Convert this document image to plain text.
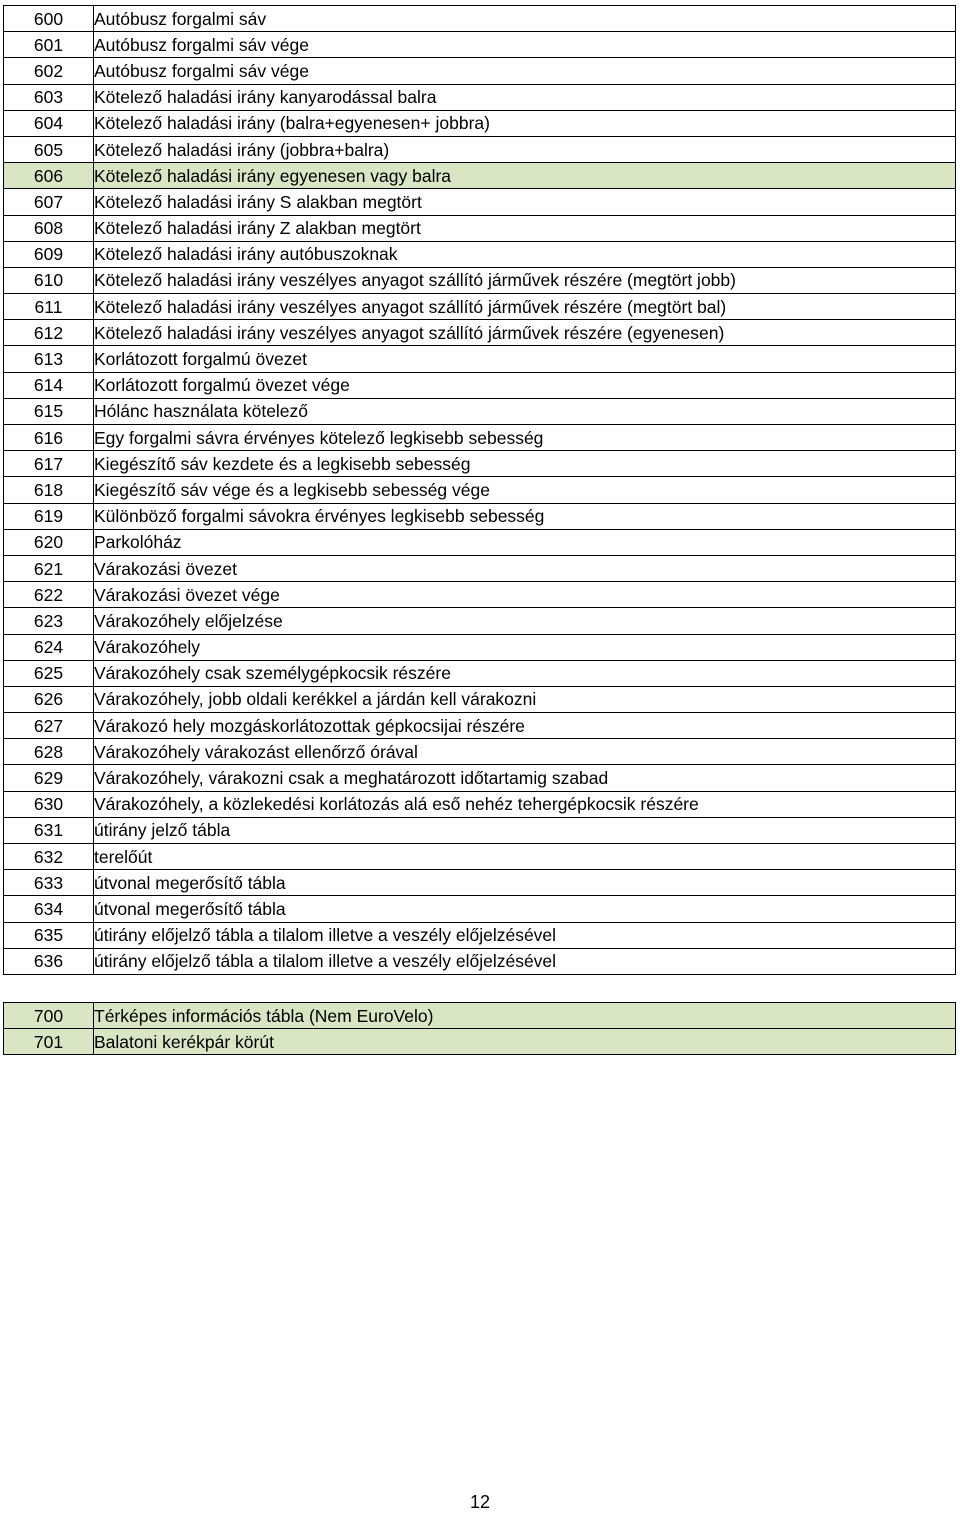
600	Autóbusz forgalmi sáv
601	Autóbusz forgalmi sáv vége
602	Autóbusz forgalmi sáv vége
603	Kötelező haladási irány kanyarodással balra
604	Kötelező haladási irány (balra+egyenesen+ jobbra)
605	Kötelező haladási irány (jobbra+balra)
606	Kötelező haladási irány egyenesen vagy balra
607	Kötelező haladási irány S alakban megtört
608	Kötelező haladási irány Z alakban megtört
609	Kötelező haladási irány autóbuszoknak
610	Kötelező haladási irány veszélyes anyagot szállító járművek részére (megtört jobb)
611	Kötelező haladási irány veszélyes anyagot szállító járművek részére (megtört bal)
612	Kötelező haladási irány veszélyes anyagot szállító járművek részére (egyenesen)
613	Korlátozott forgalmú övezet
614	Korlátozott forgalmú övezet vége
615	Hólánc használata kötelező
616	Egy forgalmi sávra érvényes kötelező legkisebb sebesség
617	Kiegészítő sáv kezdete és a legkisebb sebesség
618	Kiegészítő sáv vége és a legkisebb sebesség vége
619	Különböző forgalmi sávokra érvényes legkisebb sebesség
620	Parkolóház
621	Várakozási övezet
622	Várakozási övezet vége
623	Várakozóhely előjelzése
624	Várakozóhely
625	Várakozóhely csak személygépkocsik részére
626	Várakozóhely, jobb oldali kerékkel a járdán kell várakozni
627	Várakozó hely mozgáskorlátozottak gépkocsijai részére
628	Várakozóhely várakozást ellenőrző órával
629	Várakozóhely, várakozni csak a meghatározott időtartamig szabad
630	Várakozóhely, a közlekedési korlátozás alá eső nehéz tehergépkocsik részére
631	útirány jelző tábla
632	terelőút
633	útvonal megerősítő tábla
634	útvonal megerősítő tábla
635	útirány előjelző tábla a tilalom illetve a veszély előjelzésével
636	útirány előjelző tábla a tilalom illetve a veszély előjelzésével
700	Térképes információs tábla (Nem EuroVelo)
701	Balatoni kerékpár körút
12
